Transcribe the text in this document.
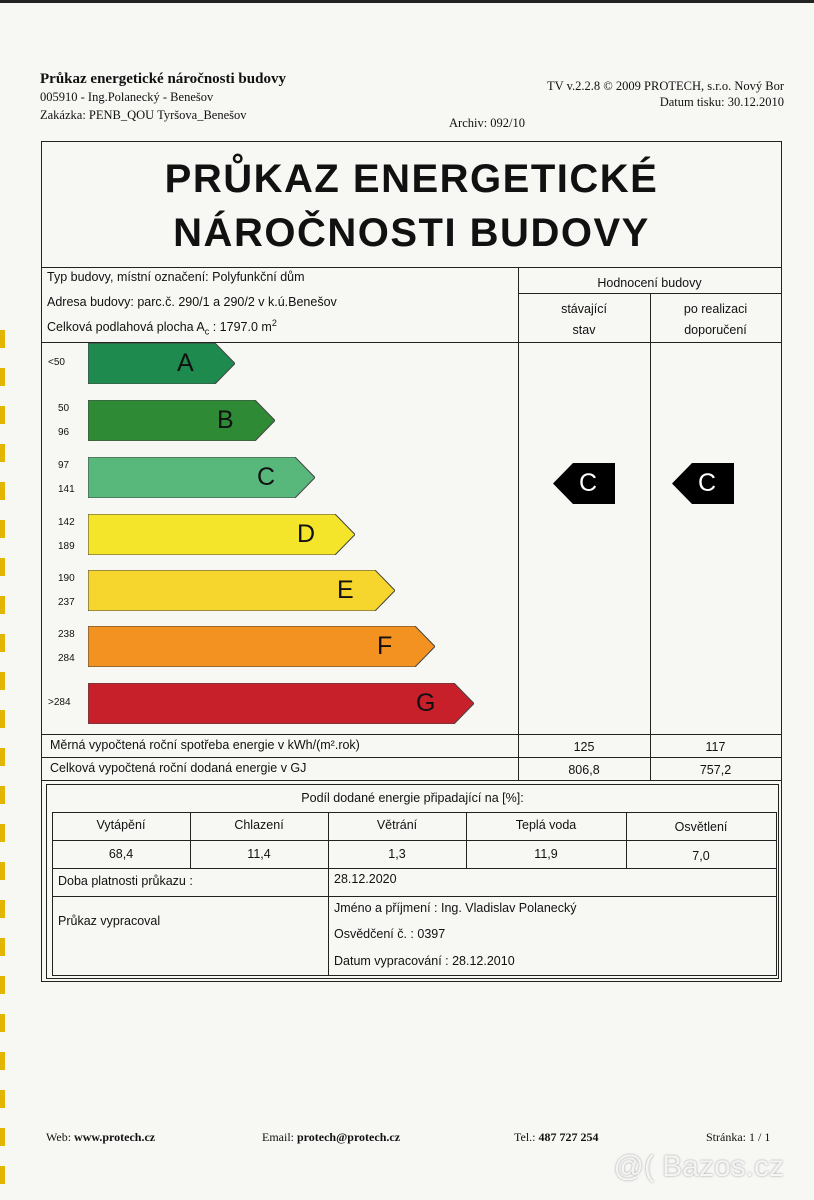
Průkaz energetické náročnosti budovy
005910 - Ing.Polanecký - Benešov
Zakázka: PENB_QOU Tyršova_Benešov
TV v.2.2.8 © 2009 PROTECH, s.r.o. Nový Bor
Datum tisku: 30.12.2010
Archiv: 092/10
PRŮKAZ ENERGETICKÉ
NÁROČNOSTI BUDOVY
Typ budovy, místní označení: Polyfunkční dům
Adresa budovy: parc.č. 290/1 a 290/2 v k.ú.Benešov
Celková podlahová plocha $A_c$ : 1797.0 $m^2$
Hodnocení budovy
stávající
stav
po realizaci
doporučení
A
<50
B
50
96
C
97
141
D
142
189
E
190
237
F
238
284
G
>284
C	C
Měrná vypočtená roční spotřeba energie v kWh/(m².rok)	125	117
Celková vypočtená roční dodaná energie v GJ	806,8	757,2
Podíl dodané energie připadající na [%]:
Vytápění	Chlazení	Větrání	Teplá voda	Osvětlení
68,4	11,4	1,3	11,9	7,0
Doba platnosti průkazu :	28.12.2020
Průkaz vypracoval
Jméno a příjmení : Ing. Vladislav Polanecký
Osvědčení č. : 0397
Datum vypracování : 28.12.2010
Web: www.protech.cz	Email: protech@protech.cz	Tel.: 487 727 254	Stránka: 1 / 1
@( Bazos.cz
